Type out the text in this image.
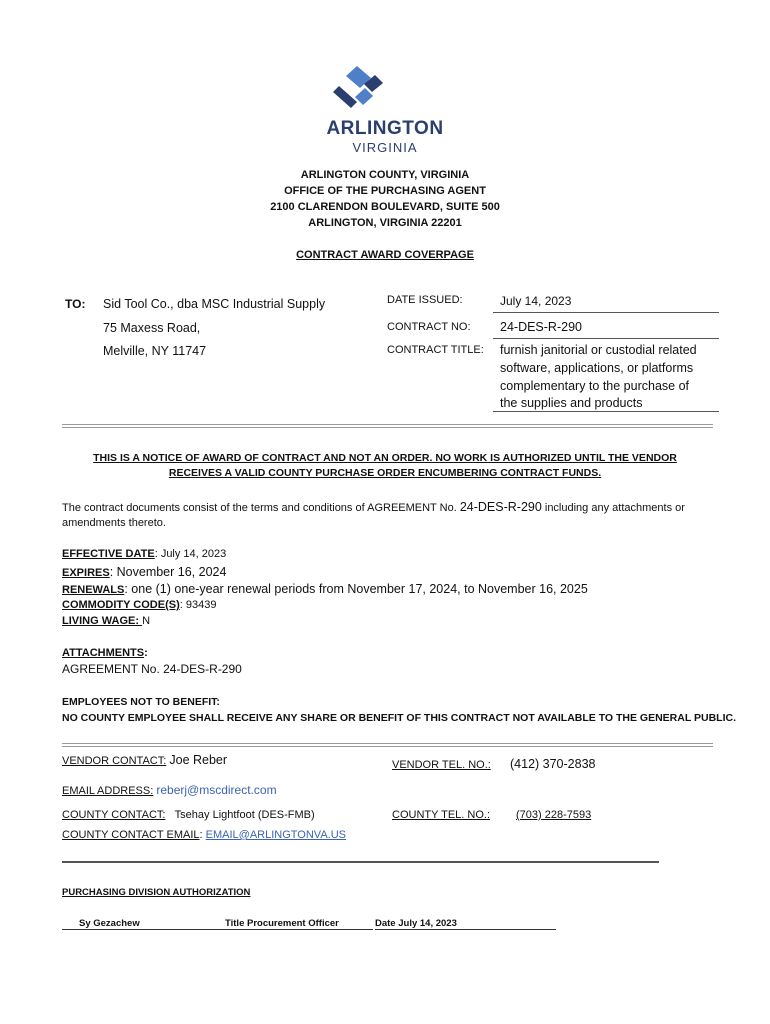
ARLINGTON
VIRGINIA
ARLINGTON COUNTY, VIRGINIA
OFFICE OF THE PURCHASING AGENT
2100 CLARENDON BOULEVARD, SUITE 500
ARLINGTON, VIRGINIA 22201
CONTRACT AWARD COVERPAGE
TO: Sid Tool Co., dba MSC Industrial Supply
75 Maxess Road,
Melville, NY 11747
DATE ISSUED:	July 14, 2023
CONTRACT NO: 24-DES-R-290
CONTRACT TITLE: furnish janitorial or custodial related
software, applications, or platforms
complementary to the purchase of
the supplies and products
THIS IS A NOTICE OF AWARD OF CONTRACT AND NOT AN ORDER. NO WORK IS AUTHORIZED UNTIL THE VENDOR
RECEIVES A VALID COUNTY PURCHASE ORDER ENCUMBERING CONTRACT FUNDS.
The contract documents consist of the terms and conditions of AGREEMENT No. 24-DES-R-290 including any attachments or
amendments thereto.
EFFECTIVE DATE: July 14, 2023
EXPIRES: November 16, 2024
RENEWALS: one (1) one-year renewal periods from November 17, 2024, to November 16, 2025
COMMODITY CODE(S): 93439
LIVING WAGE: N
ATTACHMENTS:
AGREEMENT No. 24-DES-R-290
EMPLOYEES NOT TO BENEFIT:
NO COUNTY EMPLOYEE SHALL RECEIVE ANY SHARE OR BENEFIT OF THIS CONTRACT NOT AVAILABLE TO THE GENERAL PUBLIC.
VENDOR CONTACT: Joe Reber	VENDOR TEL. NO.: (412) 370-2838
EMAIL ADDRESS: reberj@mscdirect.com
COUNTY CONTACT: Tsehay Lightfoot (DES-FMB)	COUNTY TEL. NO.: (703) 228-7593
COUNTY CONTACT EMAIL: EMAIL@ARLINGTONVA.US
PURCHASING DIVISION AUTHORIZATION
Sy Gezachew	Title Procurement Officer	Date July 14, 2023
